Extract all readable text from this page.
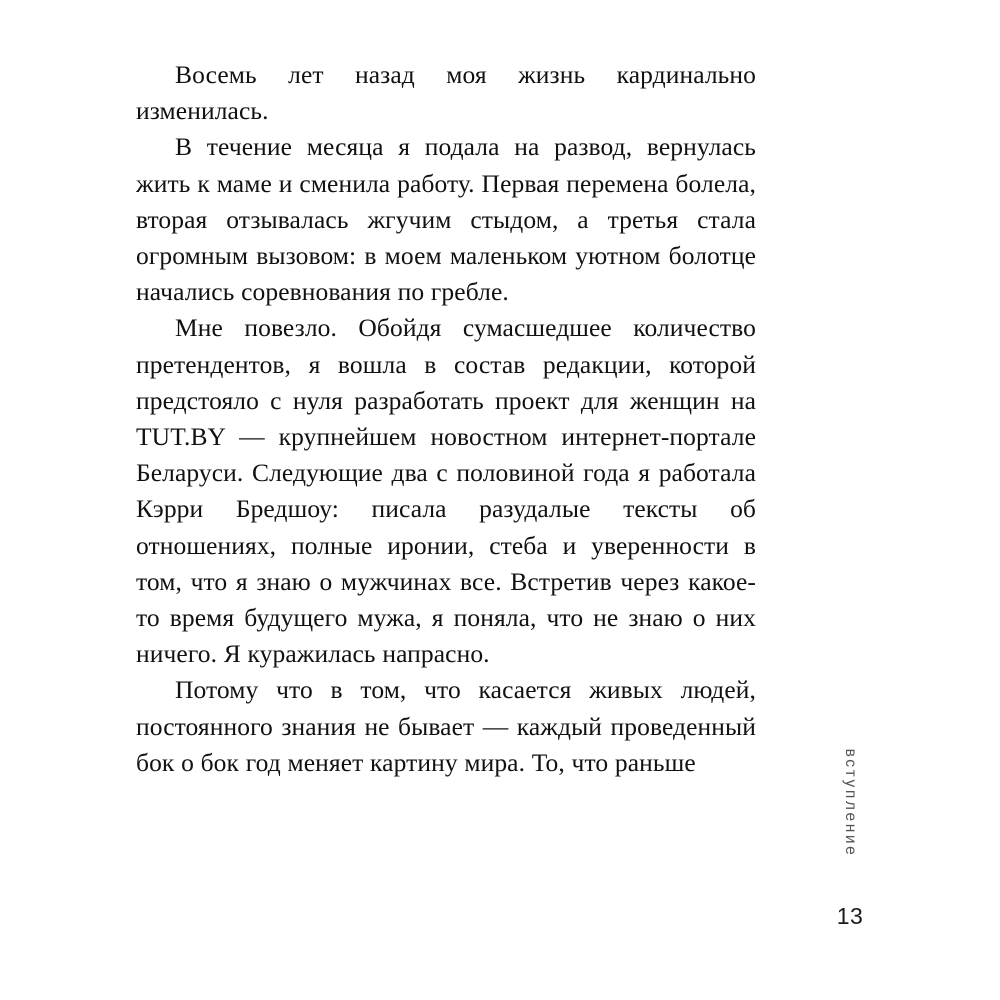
Восемь лет назад моя жизнь кардинально изменилась.

В течение месяца я подала на развод, вернулась жить к маме и сменила работу. Первая перемена болела, вторая отзывалась жгучим стыдом, а третья стала огромным вызовом: в моем маленьком уютном болотце начались соревнования по гребле.

Мне повезло. Обойдя сумасшедшее количество претендентов, я вошла в состав редакции, которой предстояло с нуля разработать проект для женщин на TUT.BY — крупнейшем новостном интернет-портале Беларуси. Следующие два с половиной года я работала Кэрри Бредшоу: писала разудалые тексты об отношениях, полные иронии, стеба и уверенности в том, что я знаю о мужчинах все. Встретив через какое-то время будущего мужа, я поняла, что не знаю о них ничего. Я куражилась напрасно.

Потому что в том, что касается живых людей, постоянного знания не бывает — каждый проведенный бок о бок год меняет картину мира. То, что раньше	вступление
13
